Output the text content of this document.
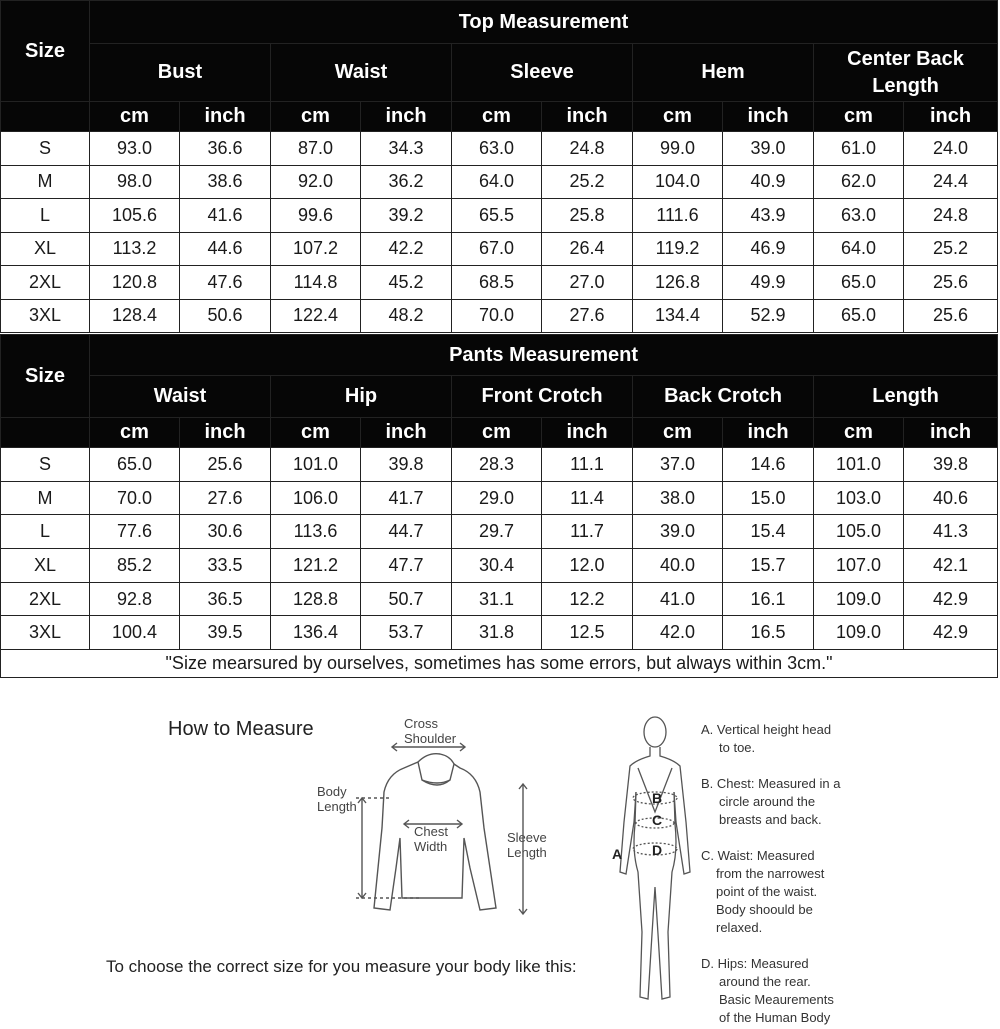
Size	Top Measurement									
	Bust		Waist		Sleeve		Hem		Center Back Length	
	cm	inch	cm	inch	cm	inch	cm	inch	cm	inch
S	93.0	36.6	87.0	34.3	63.0	24.8	99.0	39.0	61.0	24.0
M	98.0	38.6	92.0	36.2	64.0	25.2	104.0	40.9	62.0	24.4
L	105.6	41.6	99.6	39.2	65.5	25.8	111.6	43.9	63.0	24.8
XL	113.2	44.6	107.2	42.2	67.0	26.4	119.2	46.9	64.0	25.2
2XL	120.8	47.6	114.8	45.2	68.5	27.0	126.8	49.9	65.0	25.6
3XL	128.4	50.6	122.4	48.2	70.0	27.6	134.4	52.9	65.0	25.6
Size	Pants Measurement									
	Waist		Hip		Front Crotch		Back Crotch		Length	
	cm	inch	cm	inch	cm	inch	cm	inch	cm	inch
S	65.0	25.6	101.0	39.8	28.3	11.1	37.0	14.6	101.0	39.8
M	70.0	27.6	106.0	41.7	29.0	11.4	38.0	15.0	103.0	40.6
L	77.6	30.6	113.6	44.7	29.7	11.7	39.0	15.4	105.0	41.3
XL	85.2	33.5	121.2	47.7	30.4	12.0	40.0	15.7	107.0	42.1
2XL	92.8	36.5	128.8	50.7	31.1	12.2	41.0	16.1	109.0	42.9
3XL	100.4	39.5	136.4	53.7	31.8	12.5	42.0	16.5	109.0	42.9
"Size mearsured by ourselves, sometimes has some errors, but always within 3cm."										
How to Measure	Cross
Shoulder
Body
Length
Chest
Width
Sleeve
Length
To choose the correct size for you measure your body like this:
A
B
C
D
A. Vertical height head
to toe.
B. Chest: Measured in a
circle around the
breasts and back.
C. Waist: Measured
from the narrowest
point of the waist.
Body shoould be
relaxed.
D. Hips: Measured
around the rear.
Basic Meaurements
of the Human Body
